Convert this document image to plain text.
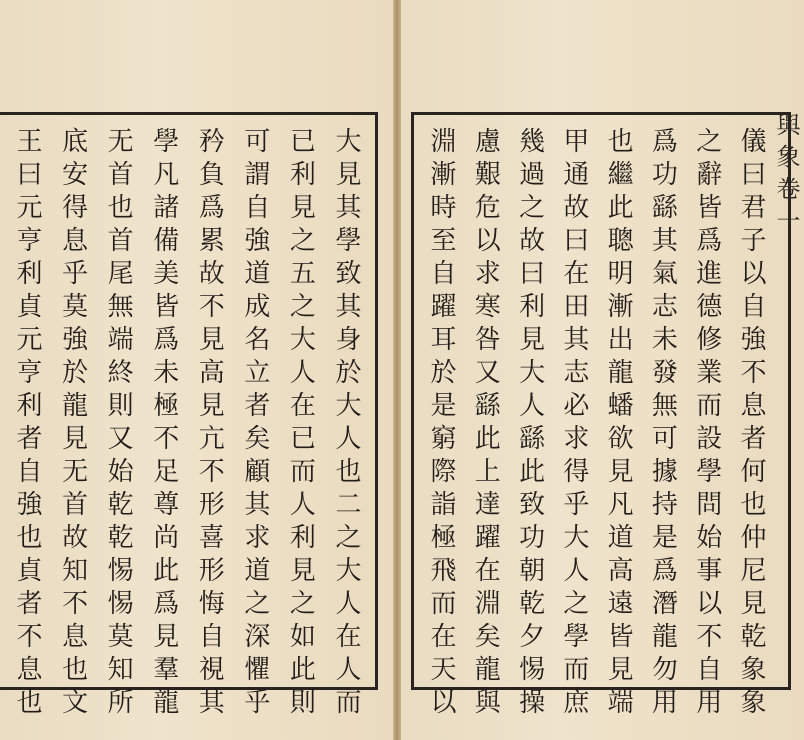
大見其學致其身於大人也二之大人在人而
已利見之五之大人在已而人利見之如此則
可謂自強道成名立者矣顧其求道之深懼乎
矜負爲累故不見高見亢不形喜形悔自視其
學凡諸備美皆爲未極不足尊尚此爲見羣龍
无首也首尾無端終則又始乾乾惕惕莫知所
底安得息乎莫強於龍見无首故知不息也文
王曰元亨利貞元亨利者自強也貞者不息也	儀曰君子以自強不息者何也仲尼見乾象象
之辭皆爲進德修業而設學問始事以不自用
爲功繇其氣志未發無可據持是爲潛龍勿用
也繼此聰明漸出龍蟠欲見凡道高遠皆見端
甲通故曰在田其志必求得乎大人之學而庶
幾過之故曰利見大人繇此致功朝乾夕惕操
慮艱危以求寒咎又繇此上達躍在淵矣龍與
淵漸時至自躍耳於是窮際詣極飛而在天以	與象卷一
